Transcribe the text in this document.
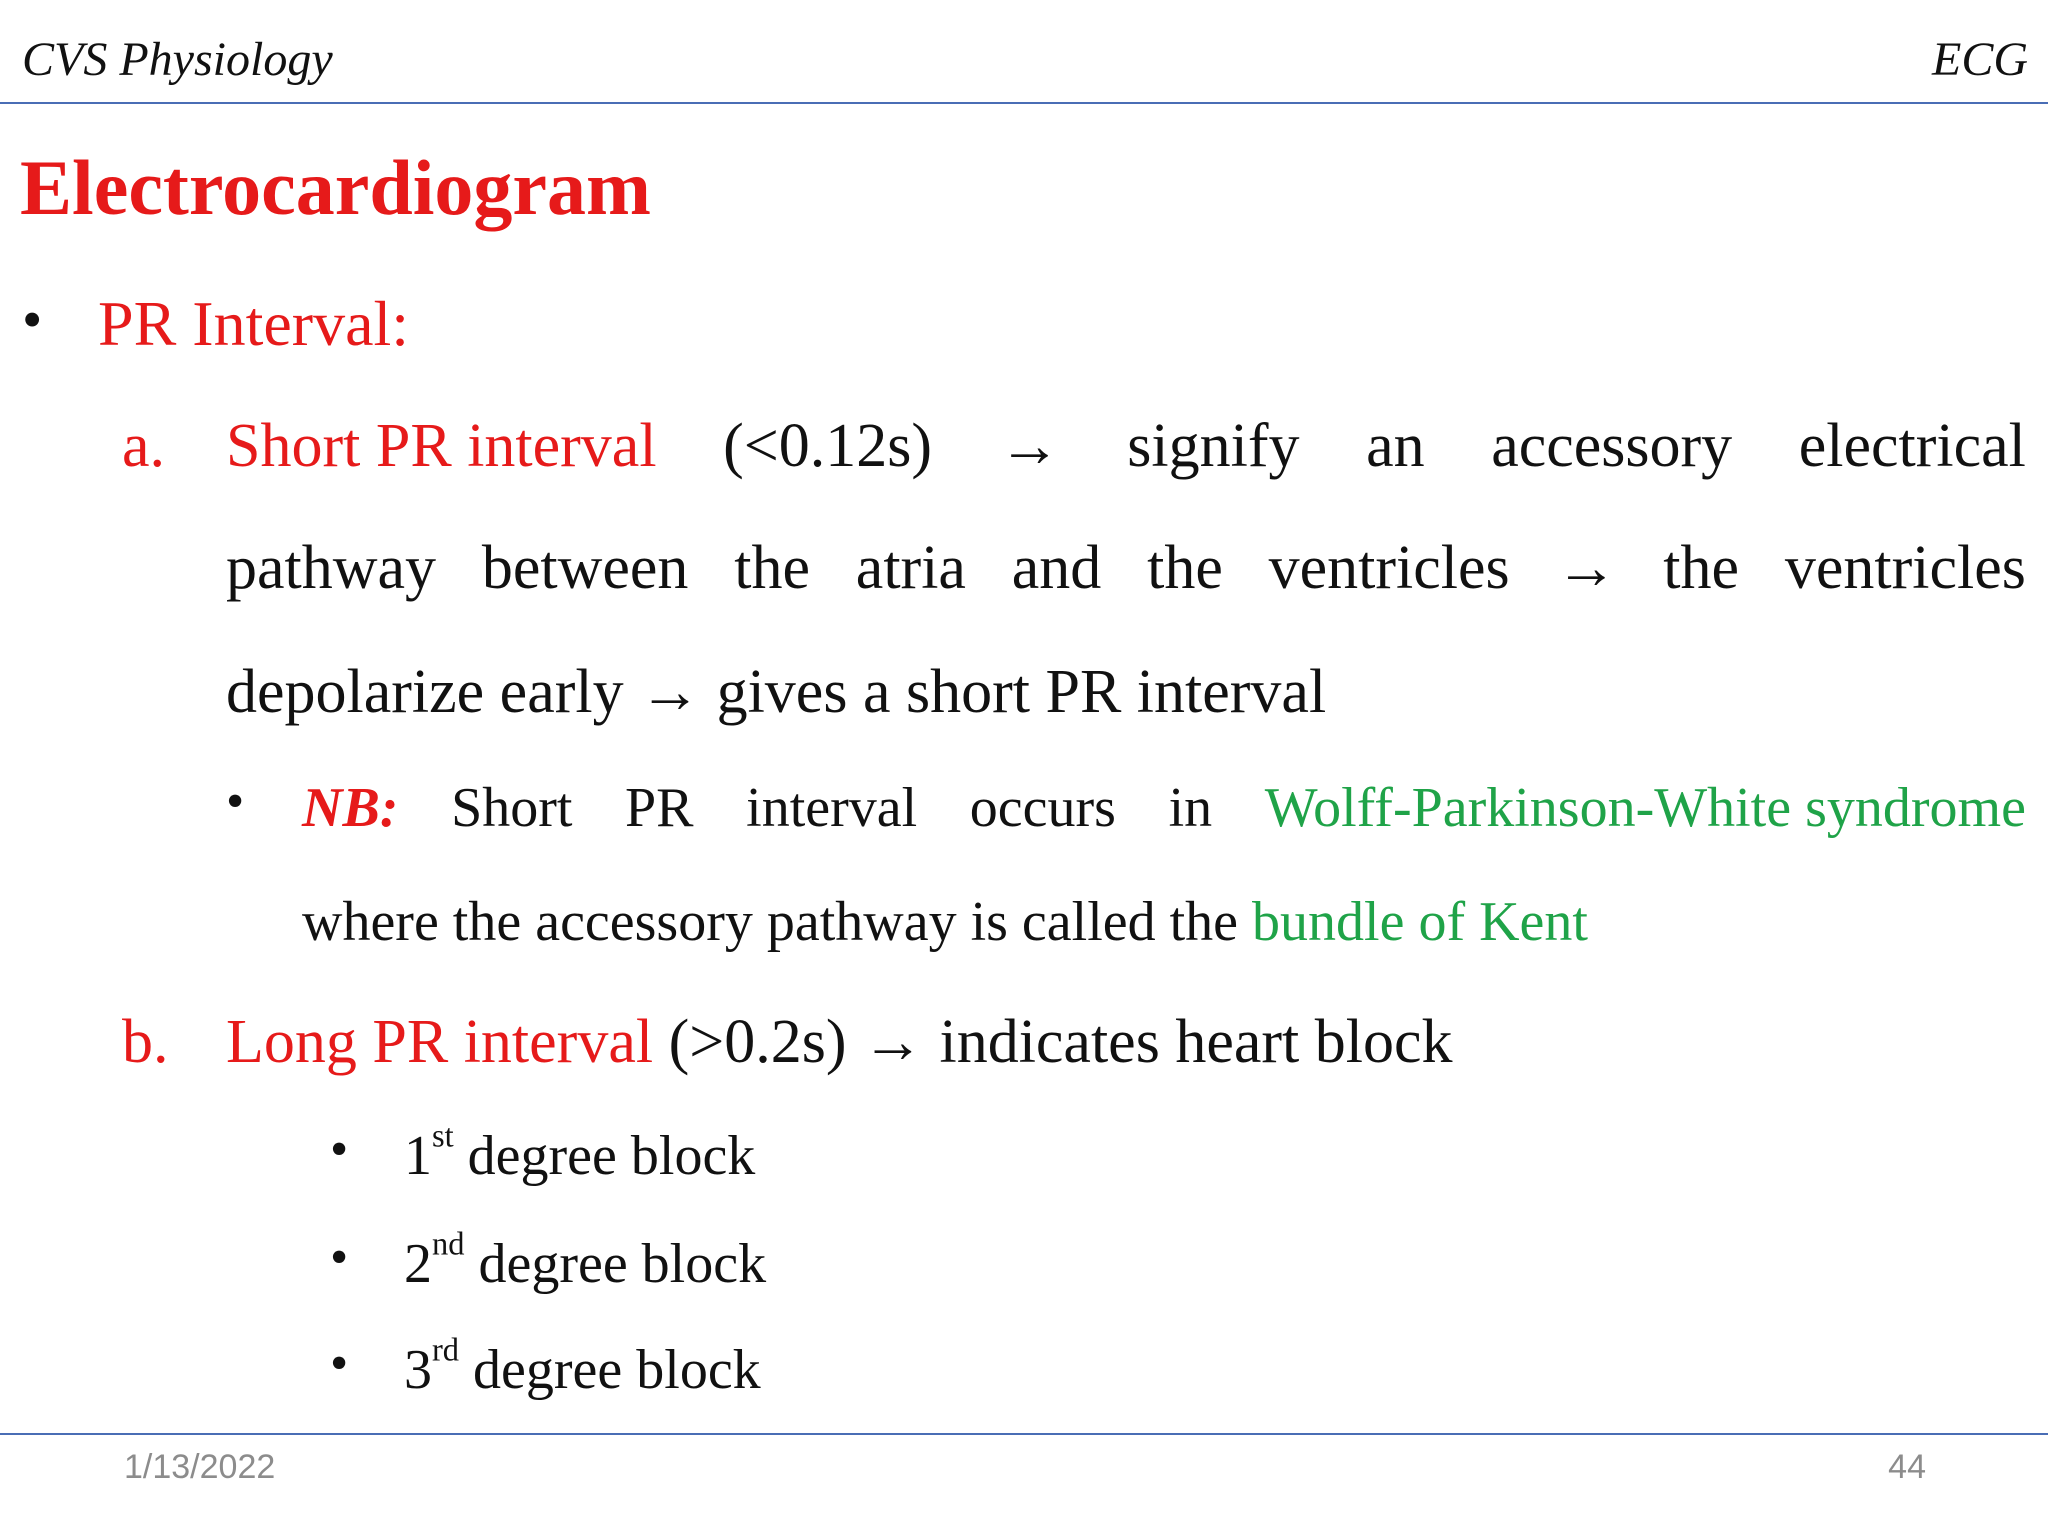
CVS Physiology	ECG
Electrocardiogram
• PR Interval:
a. Short PR interval (<0.12s) → signify an accessory electrical
pathway between the atria and the ventricles → the ventricles
depolarize early → gives a short PR interval
• NB: Short PR interval occurs in Wolff-Parkinson-White syndrome
where the accessory pathway is called the bundle of Kent
b. Long PR interval (>0.2s) → indicates heart block
• 1st degree block
• 2nd degree block
• 3rd degree block
1/13/2022	44
